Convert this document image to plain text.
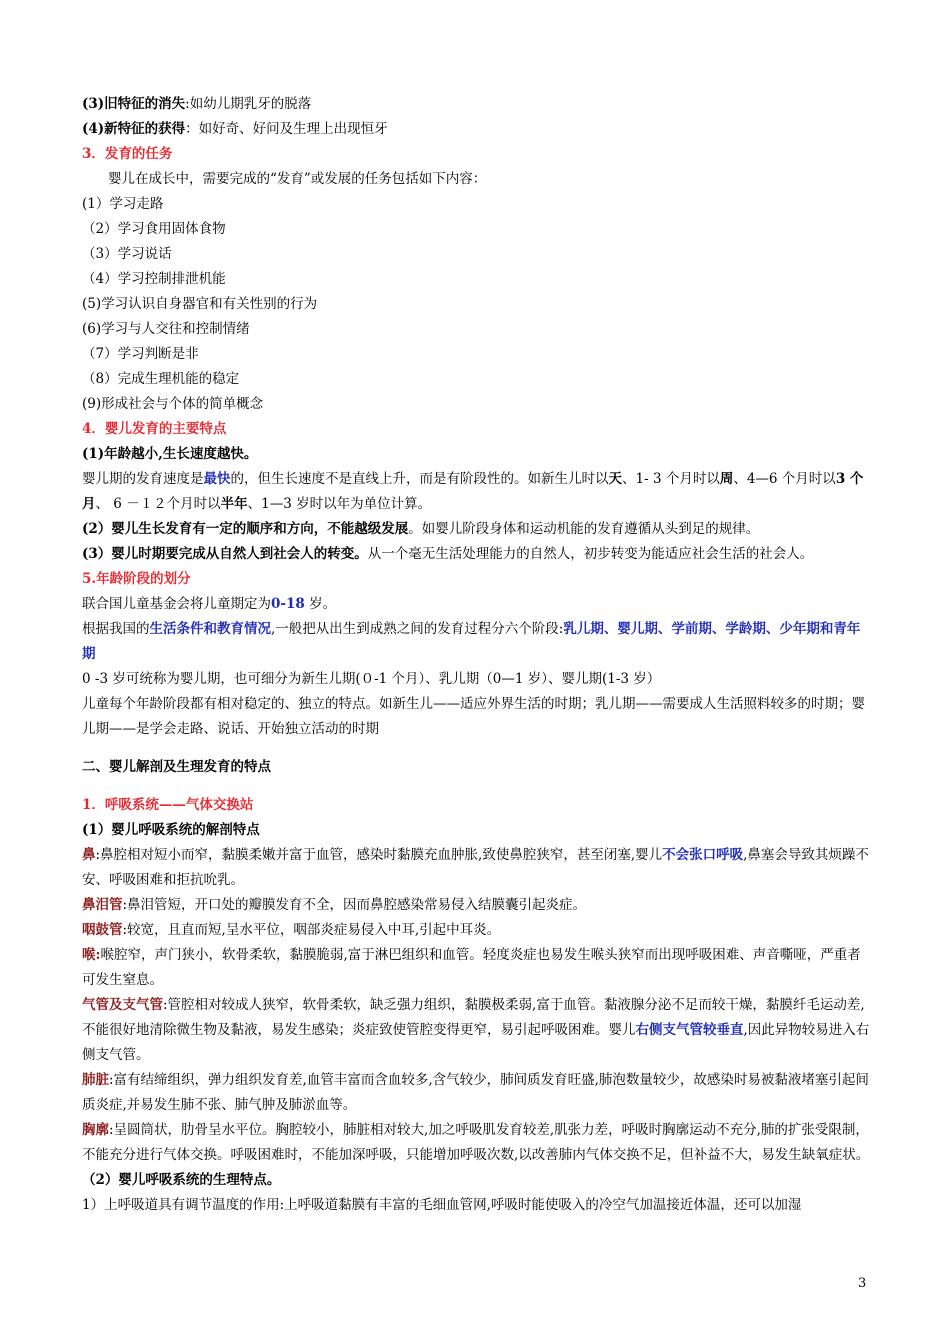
(3)旧特征的消失:如幼儿期乳牙的脱落
(4)新特征的获得：如好奇、好问及生理上出现恒牙
3．发育的任务
婴儿在成长中，需要完成的“发育”或发展的任务包括如下内容：
(1）学习走路
（2）学习食用固体食物
（3）学习说话
（4）学习控制排泄机能
(5)学习认识自身器官和有关性别的行为
(6)学习与人交往和控制情绪
（7）学习判断是非
（8）完成生理机能的稳定
(9)形成社会与个体的简单概念
4．婴儿发育的主要特点
(1)年龄越小,生长速度越快。
婴儿期的发育速度是最快的，但生长速度不是直线上升，而是有阶段性的。如新生儿时以天、1- 3 个月时以周、4—6 个月时以3 个月、 6 －１２个月时以半年、1—3 岁时以年为单位计算。
(2）婴儿生长发育有一定的顺序和方向，不能越级发展。如婴儿阶段身体和运动机能的发育遵循从头到足的规律。
(3）婴儿时期要完成从自然人到社会人的转变。从一个毫无生活处理能力的自然人，初步转变为能适应社会生活的社会人。
5.年龄阶段的划分
联合国儿童基金会将儿童期定为0-18 岁。
根据我国的生活条件和教育情况,一般把从出生到成熟之间的发育过程分六个阶段:乳儿期、婴儿期、学前期、学龄期、少年期和青年期
0 -3 岁可统称为婴儿期，也可细分为新生儿期(０-1 个月）、乳儿期（0—1 岁）、婴儿期(1-3 岁）
儿童每个年龄阶段都有相对稳定的、独立的特点。如新生儿——适应外界生活的时期；乳儿期——需要成人生活照料较多的时期；婴儿期——是学会走路、说话、开始独立活动的时期
二、婴儿解剖及生理发育的特点
1．呼吸系统——气体交换站
(1）婴儿呼吸系统的解剖特点
鼻:鼻腔相对短小而窄，黏膜柔嫩并富于血管，感染时黏膜充血肿胀,致使鼻腔狭窄，甚至闭塞,婴儿不会张口呼吸,鼻塞会导致其烦躁不安、呼吸困难和拒抗吮乳。
鼻泪管:鼻泪管短，开口处的瓣膜发育不全，因而鼻腔感染常易侵入结膜囊引起炎症。
咽鼓管:较宽，且直而短,呈水平位，咽部炎症易侵入中耳,引起中耳炎。
喉:喉腔窄，声门狭小，软骨柔软，黏膜脆弱,富于淋巴组织和血管。轻度炎症也易发生喉头狭窄而出现呼吸困难、声音嘶哑，严重者可发生窒息。
气管及支气管:管腔相对较成人狭窄，软骨柔软，缺乏强力组织，黏膜极柔弱,富于血管。黏液腺分泌不足而较干燥，黏膜纤毛运动差,不能很好地清除微生物及黏液，易发生感染；炎症致使管腔变得更窄，易引起呼吸困难。婴儿右侧支气管较垂直,因此异物较易进入右侧支气管。
肺脏:富有结缔组织，弹力组织发育差,血管丰富而含血较多,含气较少，肺间质发育旺盛,肺泡数量较少，故感染时易被黏液堵塞引起间质炎症,并易发生肺不张、肺气肿及肺淤血等。
胸廓:呈圆筒状，肋骨呈水平位。胸腔较小，肺脏相对较大,加之呼吸肌发育较差,肌张力差，呼吸时胸廓运动不充分,肺的扩张受限制，不能充分进行气体交换。呼吸困难时，不能加深呼吸，只能增加呼吸次数,以改善肺内气体交换不足，但补益不大，易发生缺氧症状。
（2）婴儿呼吸系统的生理特点。
1）上呼吸道具有调节温度的作用:上呼吸道黏膜有丰富的毛细血管网,呼吸时能使吸入的冷空气加温接近体温，还可以加湿
3
